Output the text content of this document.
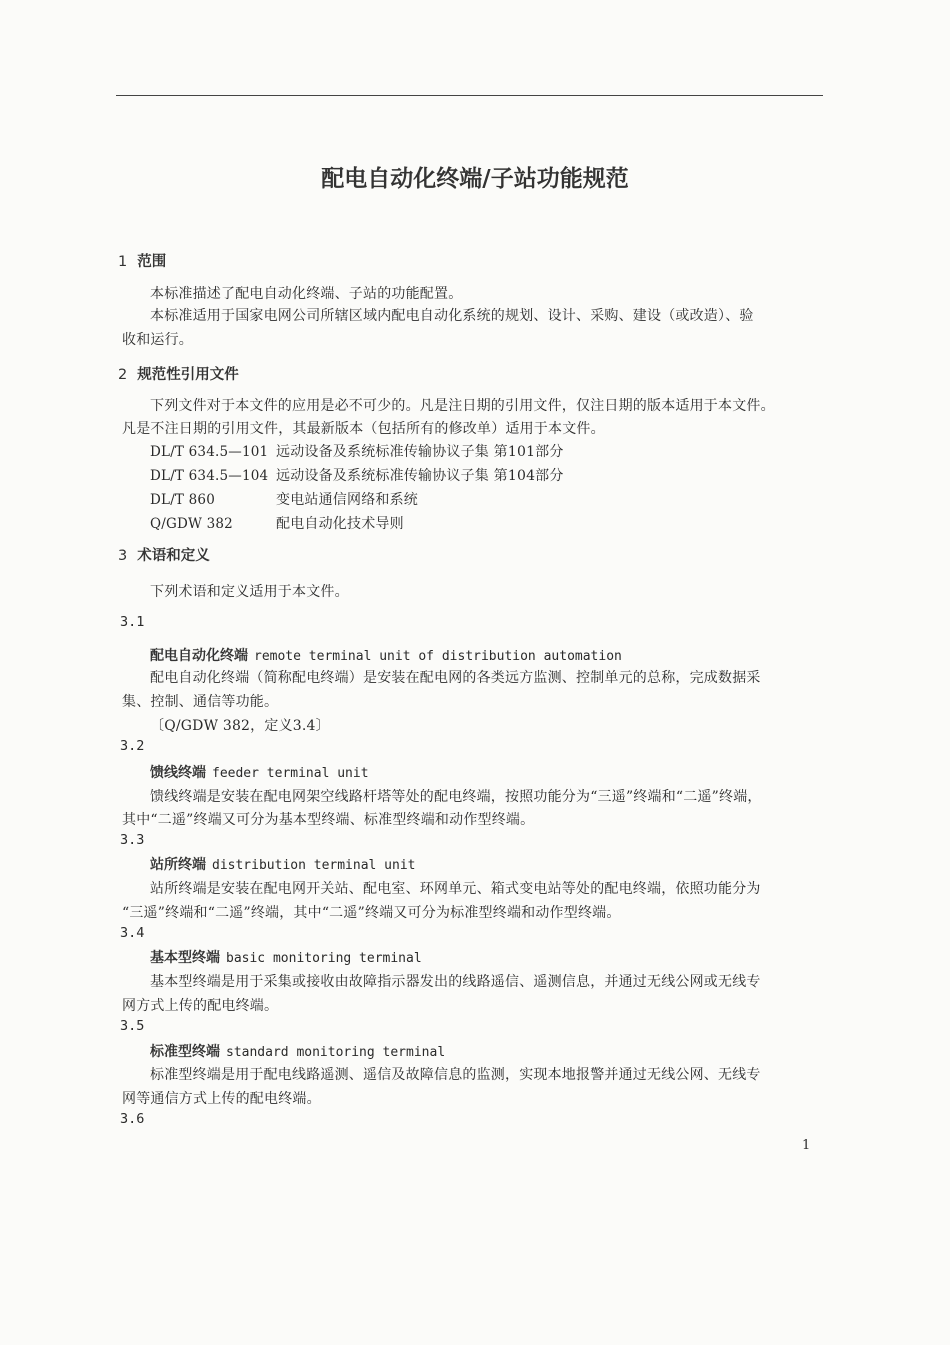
配电自动化终端/子站功能规范
1 范围
本标准描述了配电自动化终端、子站的功能配置。
本标准适用于国家电网公司所辖区域内配电自动化系统的规划、设计、采购、建设（或改造）、验
收和运行。
2 规范性引用文件
下列文件对于本文件的应用是必不可少的。凡是注日期的引用文件，仅注日期的版本适用于本文件。
凡是不注日期的引用文件，其最新版本（包括所有的修改单）适用于本文件。
DL/T 634.5—101 远动设备及系统标准传输协议子集 第101部分
DL/T 634.5—104 远动设备及系统标准传输协议子集 第104部分
DL/T 860	变电站通信网络和系统
Q/GDW 382	配电自动化技术导则
3 术语和定义
下列术语和定义适用于本文件。
3.1
配电自动化终端 remote terminal unit of distribution automation
配电自动化终端（简称配电终端）是安装在配电网的各类远方监测、控制单元的总称，完成数据采
集、控制、通信等功能。
〔Q/GDW 382，定义3.4〕
3.2
馈线终端 feeder terminal unit
馈线终端是安装在配电网架空线路杆塔等处的配电终端，按照功能分为“三遥”终端和“二遥”终端，
其中“二遥”终端又可分为基本型终端、标准型终端和动作型终端。
3.3
站所终端 distribution terminal unit
站所终端是安装在配电网开关站、配电室、环网单元、箱式变电站等处的配电终端，依照功能分为
“三遥”终端和“二遥”终端，其中“二遥”终端又可分为标准型终端和动作型终端。
3.4
基本型终端 basic monitoring terminal
基本型终端是用于采集或接收由故障指示器发出的线路遥信、遥测信息，并通过无线公网或无线专
网方式上传的配电终端。
3.5
标准型终端 standard monitoring terminal
标准型终端是用于配电线路遥测、遥信及故障信息的监测，实现本地报警并通过无线公网、无线专
网等通信方式上传的配电终端。
3.6
1
